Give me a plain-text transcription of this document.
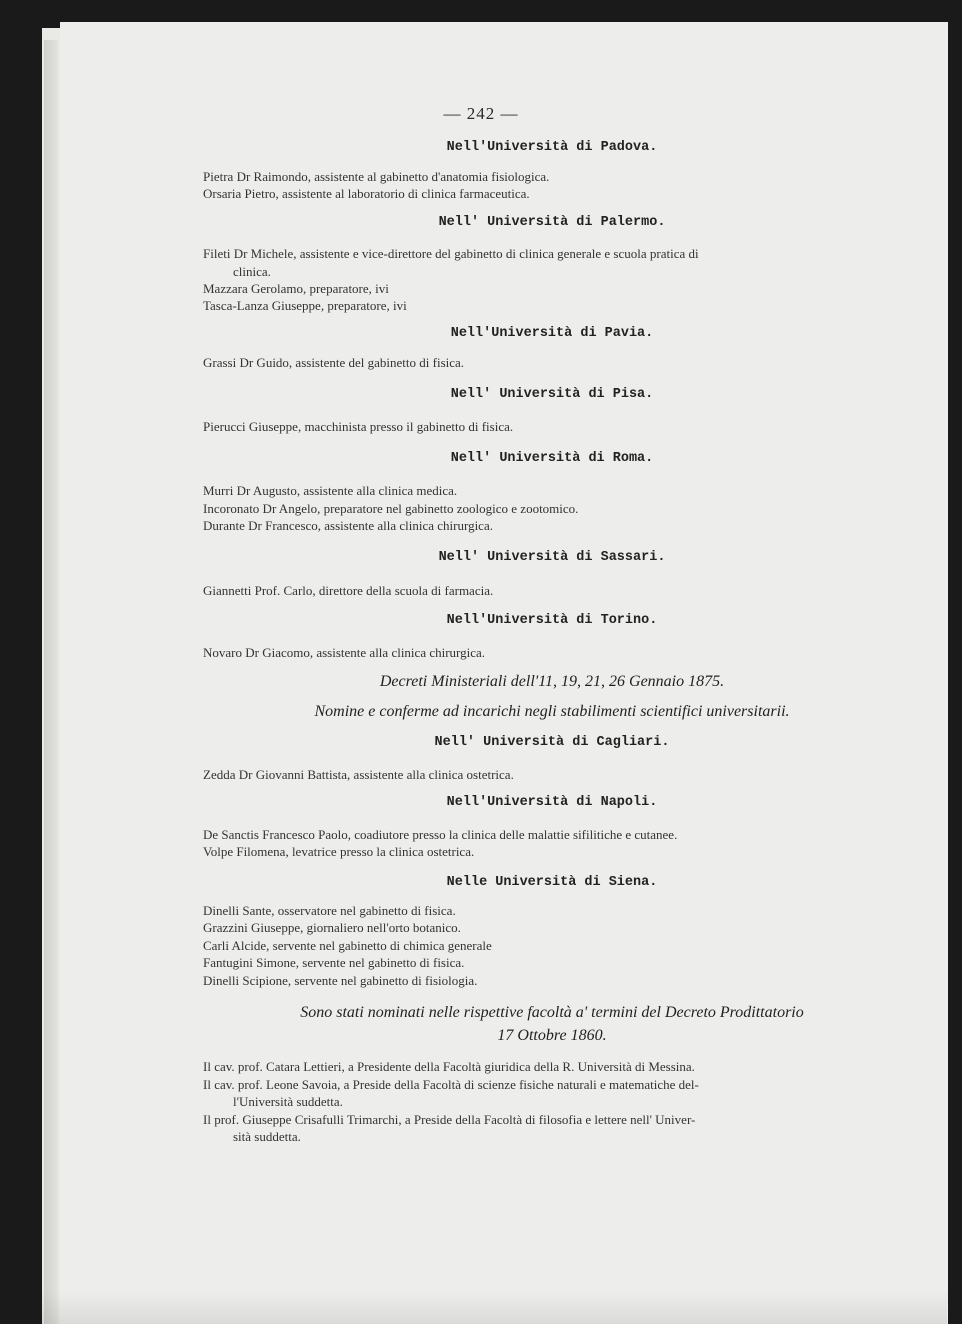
— 242 —
Nell'Università di Padova.
Pietra Dr Raimondo, assistente al gabinetto d'anatomia fisiologica.
Orsaria Pietro, assistente al laboratorio di clinica farmaceutica.
Nell' Università di Palermo.
Fileti Dr Michele, assistente e vice-direttore del gabinetto di clinica generale e scuola pratica di
clinica.
Mazzara Gerolamo, preparatore, ivi
Tasca-Lanza Giuseppe, preparatore, ivi
Nell'Università di Pavia.
Grassi Dr Guido, assistente del gabinetto di fisica.
Nell' Università di Pisa.
Pierucci Giuseppe, macchinista presso il gabinetto di fisica.
Nell' Università di Roma.
Murri Dr Augusto, assistente alla clinica medica.
Incoronato Dr Angelo, preparatore nel gabinetto zoologico e zootomico.
Durante Dr Francesco, assistente alla clinica chirurgica.
Nell' Università di Sassari.
Giannetti Prof. Carlo, direttore della scuola di farmacia.
Nell'Università di Torino.
Novaro Dr Giacomo, assistente alla clinica chirurgica.
Decreti Ministeriali dell'11, 19, 21, 26 Gennaio 1875.
Nomine e conferme ad incarichi negli stabilimenti scientifici universitarii.
Nell' Università di Cagliari.
Zedda Dr Giovanni Battista, assistente alla clinica ostetrica.
Nell'Università di Napoli.
De Sanctis Francesco Paolo, coadiutore presso la clinica delle malattie sifilitiche e cutanee.
Volpe Filomena, levatrice presso la clinica ostetrica.
Nelle Università di Siena.
Dinelli Sante, osservatore nel gabinetto di fisica.
Grazzini Giuseppe, giornaliero nell'orto botanico.
Carli Alcide, servente nel gabinetto di chimica generale
Fantugini Simone, servente nel gabinetto di fisica.
Dinelli Scipione, servente nel gabinetto di fisiologia.
Sono stati nominati nelle rispettive facoltà a' termini del Decreto Prodittatorio
17 Ottobre 1860.
Il cav. prof. Catara Lettieri, a Presidente della Facoltà giuridica della R. Università di Messina.
Il cav. prof. Leone Savoia, a Preside della Facoltà di scienze fisiche naturali e matematiche del-
l'Università suddetta.
Il prof. Giuseppe Crisafulli Trimarchi, a Preside della Facoltà di filosofia e lettere nell' Univer-
sità suddetta.
